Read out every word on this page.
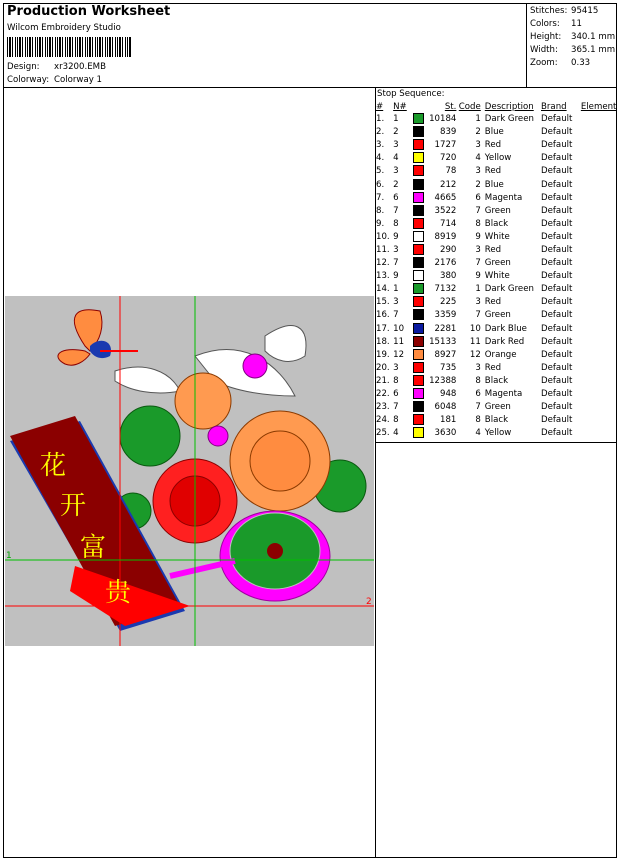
Production Worksheet
Wilcom Embroidery Studio
Design: xr3200.EMB
Colorway: Colorway 1
Stitches: 95415
Colors: 11
Height: 340.1 mm
Width: 365.1 mm
Zoom: 0.33
Stop Sequence:
#	N#		St.	Code	Description	Brand	Element
1.	1		10184	1	Dark Green	Default	
2.	2		839	2	Blue	Default	
3.	3		1727	3	Red	Default	
4.	4		720	4	Yellow	Default	
5.	3		78	3	Red	Default	
6.	2		212	2	Blue	Default	
7.	6		4665	6	Magenta	Default	
8.	7		3522	7	Green	Default	
9.	8		714	8	Black	Default	
10.	9		8919	9	White	Default	
11.	3		290	3	Red	Default	
12.	7		2176	7	Green	Default	
13.	9		380	9	White	Default	
14.	1		7132	1	Dark Green	Default	
15.	3		225	3	Red	Default	
16.	7		3359	7	Green	Default	
17.	10		2281	10	Dark Blue	Default	
18.	11		15133	11	Dark Red	Default	
19.	12		8927	12	Orange	Default	
20.	3		735	3	Red	Default	
21.	8		12388	8	Black	Default	
22.	6		948	6	Magenta	Default	
23.	7		6048	7	Green	Default	
24.	8		181	8	Black	Default	
25.	4		3630	4	Yellow	Default	
花
开
富
贵
1
2
